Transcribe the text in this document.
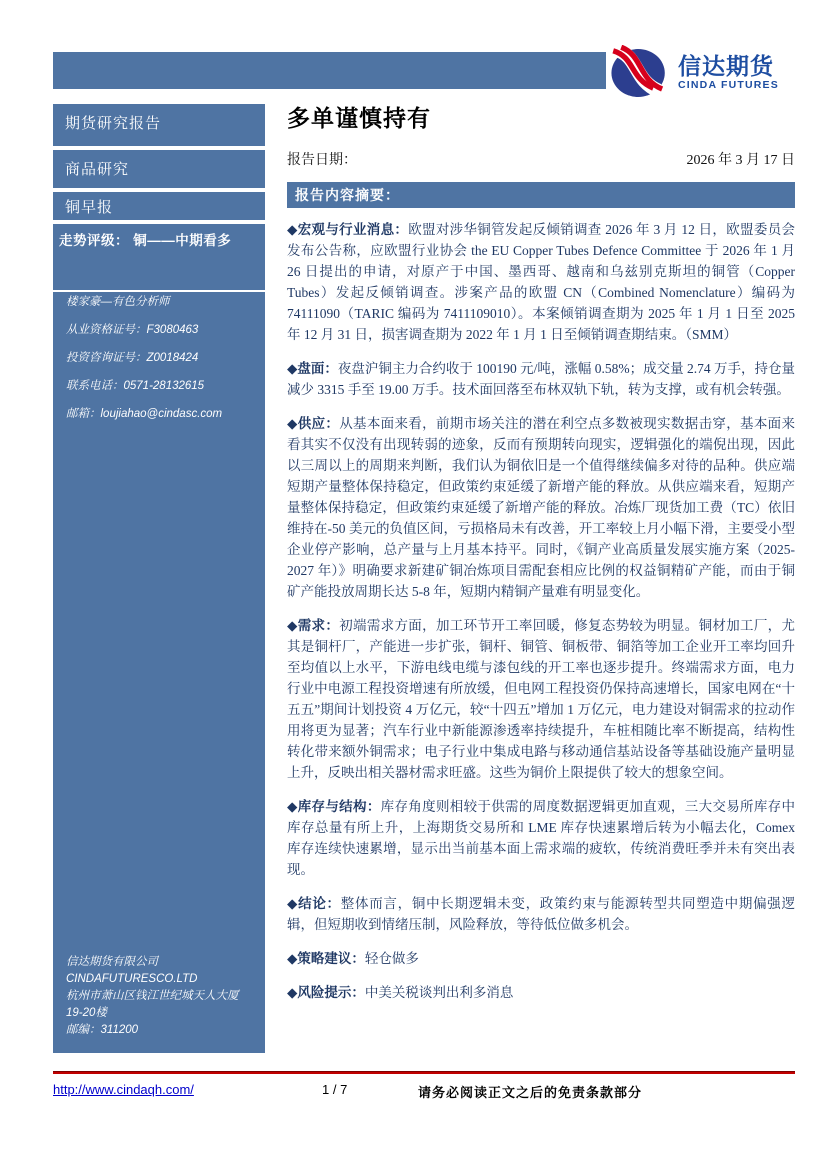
信达期货
CINDA FUTURES
期货研究报告
商品研究
铜早报
走势评级： 铜——中期看多

楼家豪—有色分析师

从业资格证号：F3080463

投资咨询证号：Z0018424

联系电话：0571-28132615

邮箱：loujiahao@cindasc.com

信达期货有限公司

CINDAFUTURESCO.LTD

杭州市萧山区钱江世纪城天人大厦 19-20楼

邮编：311200

多单谨慎持有
报告日期：	2026 年 3 月 17 日
报告内容摘要：

◆宏观与行业消息：欧盟对涉华铜管发起反倾销调查 2026 年 3 月 12 日，欧盟委员会发布公告称，应欧盟行业协会 the EU Copper Tubes Defence Committee 于 2026 年 1 月 26 日提出的申请，对原产于中国、墨西哥、越南和乌兹别克斯坦的铜管（Copper Tubes）发起反倾销调查。涉案产品的欧盟 CN（Combined Nomenclature）编码为 74111090（TARIC 编码为 7411109010）。本案倾销调查期为 2025 年 1 月 1 日至 2025 年 12 月 31 日，损害调查期为 2022 年 1 月 1 日至倾销调查期结束。（SMM）

◆盘面：夜盘沪铜主力合约收于 100190 元/吨，涨幅 0.58%；成交量 2.74 万手，持仓量减少 3315 手至 19.00 万手。技术面回落至布林双轨下轨，转为支撑，或有机会转强。

◆供应：从基本面来看，前期市场关注的潜在利空点多数被现实数据击穿，基本面来看其实不仅没有出现转弱的迹象，反而有预期转向现实，逻辑强化的端倪出现，因此以三周以上的周期来判断，我们认为铜依旧是一个值得继续偏多对待的品种。供应端短期产量整体保持稳定，但政策约束延缓了新增产能的释放。从供应端来看，短期产量整体保持稳定，但政策约束延缓了新增产能的释放。冶炼厂现货加工费（TC）依旧维持在-50 美元的负值区间，亏损格局未有改善，开工率较上月小幅下滑，主要受小型企业停产影响，总产量与上月基本持平。同时，《铜产业高质量发展实施方案（2025-2027 年）》明确要求新建矿铜冶炼项目需配套相应比例的权益铜精矿产能，而由于铜矿产能投放周期长达 5-8 年，短期内精铜产量难有明显变化。

◆需求：初端需求方面，加工环节开工率回暖，修复态势较为明显。铜材加工厂，尤其是铜杆厂，产能进一步扩张，铜杆、铜管、铜板带、铜箔等加工企业开工率均回升至均值以上水平，下游电线电缆与漆包线的开工率也逐步提升。终端需求方面，电力行业中电源工程投资增速有所放缓，但电网工程投资仍保持高速增长，国家电网在“十五五”期间计划投资 4 万亿元，较“十四五”增加 1 万亿元，电力建设对铜需求的拉动作用将更为显著；汽车行业中新能源渗透率持续提升，车桩相随比率不断提高，结构性转化带来额外铜需求；电子行业中集成电路与移动通信基站设备等基础设施产量明显上升，反映出相关器材需求旺盛。这些为铜价上限提供了较大的想象空间。

◆库存与结构：库存角度则相较于供需的周度数据逻辑更加直观，三大交易所库存中库存总量有所上升，上海期货交易所和 LME 库存快速累增后转为小幅去化，Comex 库存连续快速累增，显示出当前基本面上需求端的疲软，传统消费旺季并未有突出表现。

◆结论：整体而言，铜中长期逻辑未变，政策约束与能源转型共同塑造中期偏强逻辑，但短期收到情绪压制，风险释放，等待低位做多机会。

◆策略建议：轻仓做多

◆风险提示：中美关税谈判出利多消息

http://www.cindaqh.com/	1 / 7	请务必阅读正文之后的免责条款部分
